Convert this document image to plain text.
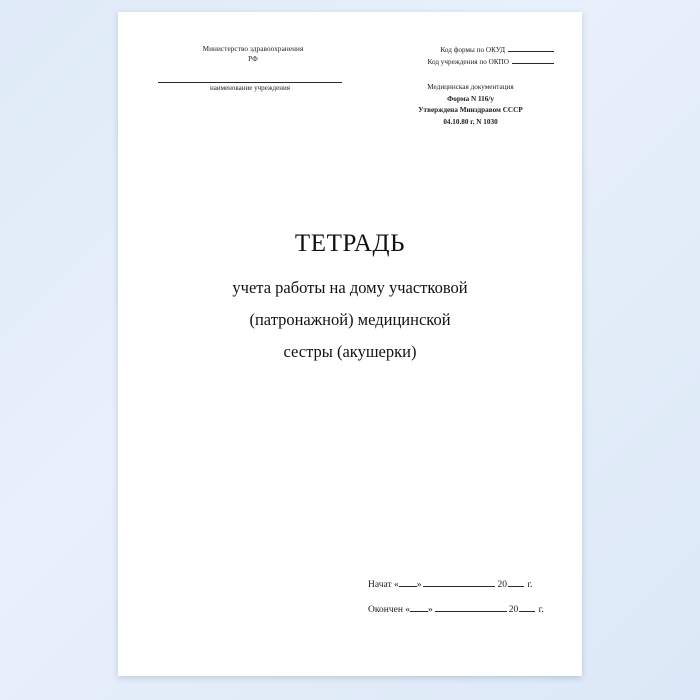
Министерство здравоохранения
РФ
наименование учреждения
Код формы по ОКУД
Код учреждения по ОКПО
Медицинская документация
Форма N 116/у
Утверждена Минздравом СССР
04.10.80 г. N 1030
ТЕТРАДЬ
учета работы на дому участковой
(патронажной) медицинской
сестры (акушерки)
Начат « »	20 г.
Окончен « »	20 г.
